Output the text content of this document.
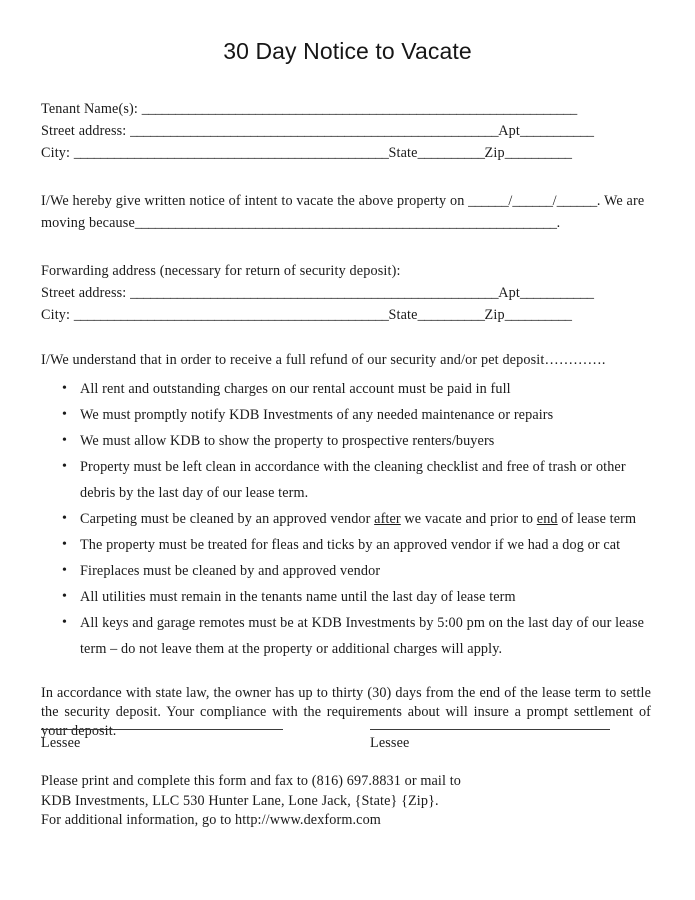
30 Day Notice to Vacate
Tenant Name(s): _________________________________________________________________
Street address: _______________________________________________________Apt___________
City: _______________________________________________State__________Zip__________
I/We hereby give written notice of intent to vacate the above property on ______/______/______. We are
moving because_______________________________________________________________.
Forwarding address (necessary for return of security deposit):
Street address: _______________________________________________________Apt___________
City: _______________________________________________State__________Zip__________
I/We understand that in order to receive a full refund of our security and/or pet deposit………….
• All rent and outstanding charges on our rental account must be paid in full
• We must promptly notify KDB Investments of any needed maintenance or repairs
• We must allow KDB to show the property to prospective renters/buyers
• Property must be left clean in accordance with the cleaning checklist and free of trash or other debris by the last day of our lease term.
• Carpeting must be cleaned by an approved vendor after we vacate and prior to end of lease term
• The property must be treated for fleas and ticks by an approved vendor if we had a dog or cat
• Fireplaces must be cleaned by and approved vendor
• All utilities must remain in the tenants name until the last day of lease term
• All keys and garage remotes must be at KDB Investments by 5:00 pm on the last day of our lease term – do not leave them at the property or additional charges will apply.
In accordance with state law, the owner has up to thirty (30) days from the end of the lease term to settle the security deposit. Your compliance with the requirements about will insure a prompt settlement of your deposit.
Lessee	Lessee
Please print and complete this form and fax to (816) 697.8831 or mail to
KDB Investments, LLC 530 Hunter Lane, Lone Jack, {State} {Zip}.
For additional information, go to http://www.dexform.com
